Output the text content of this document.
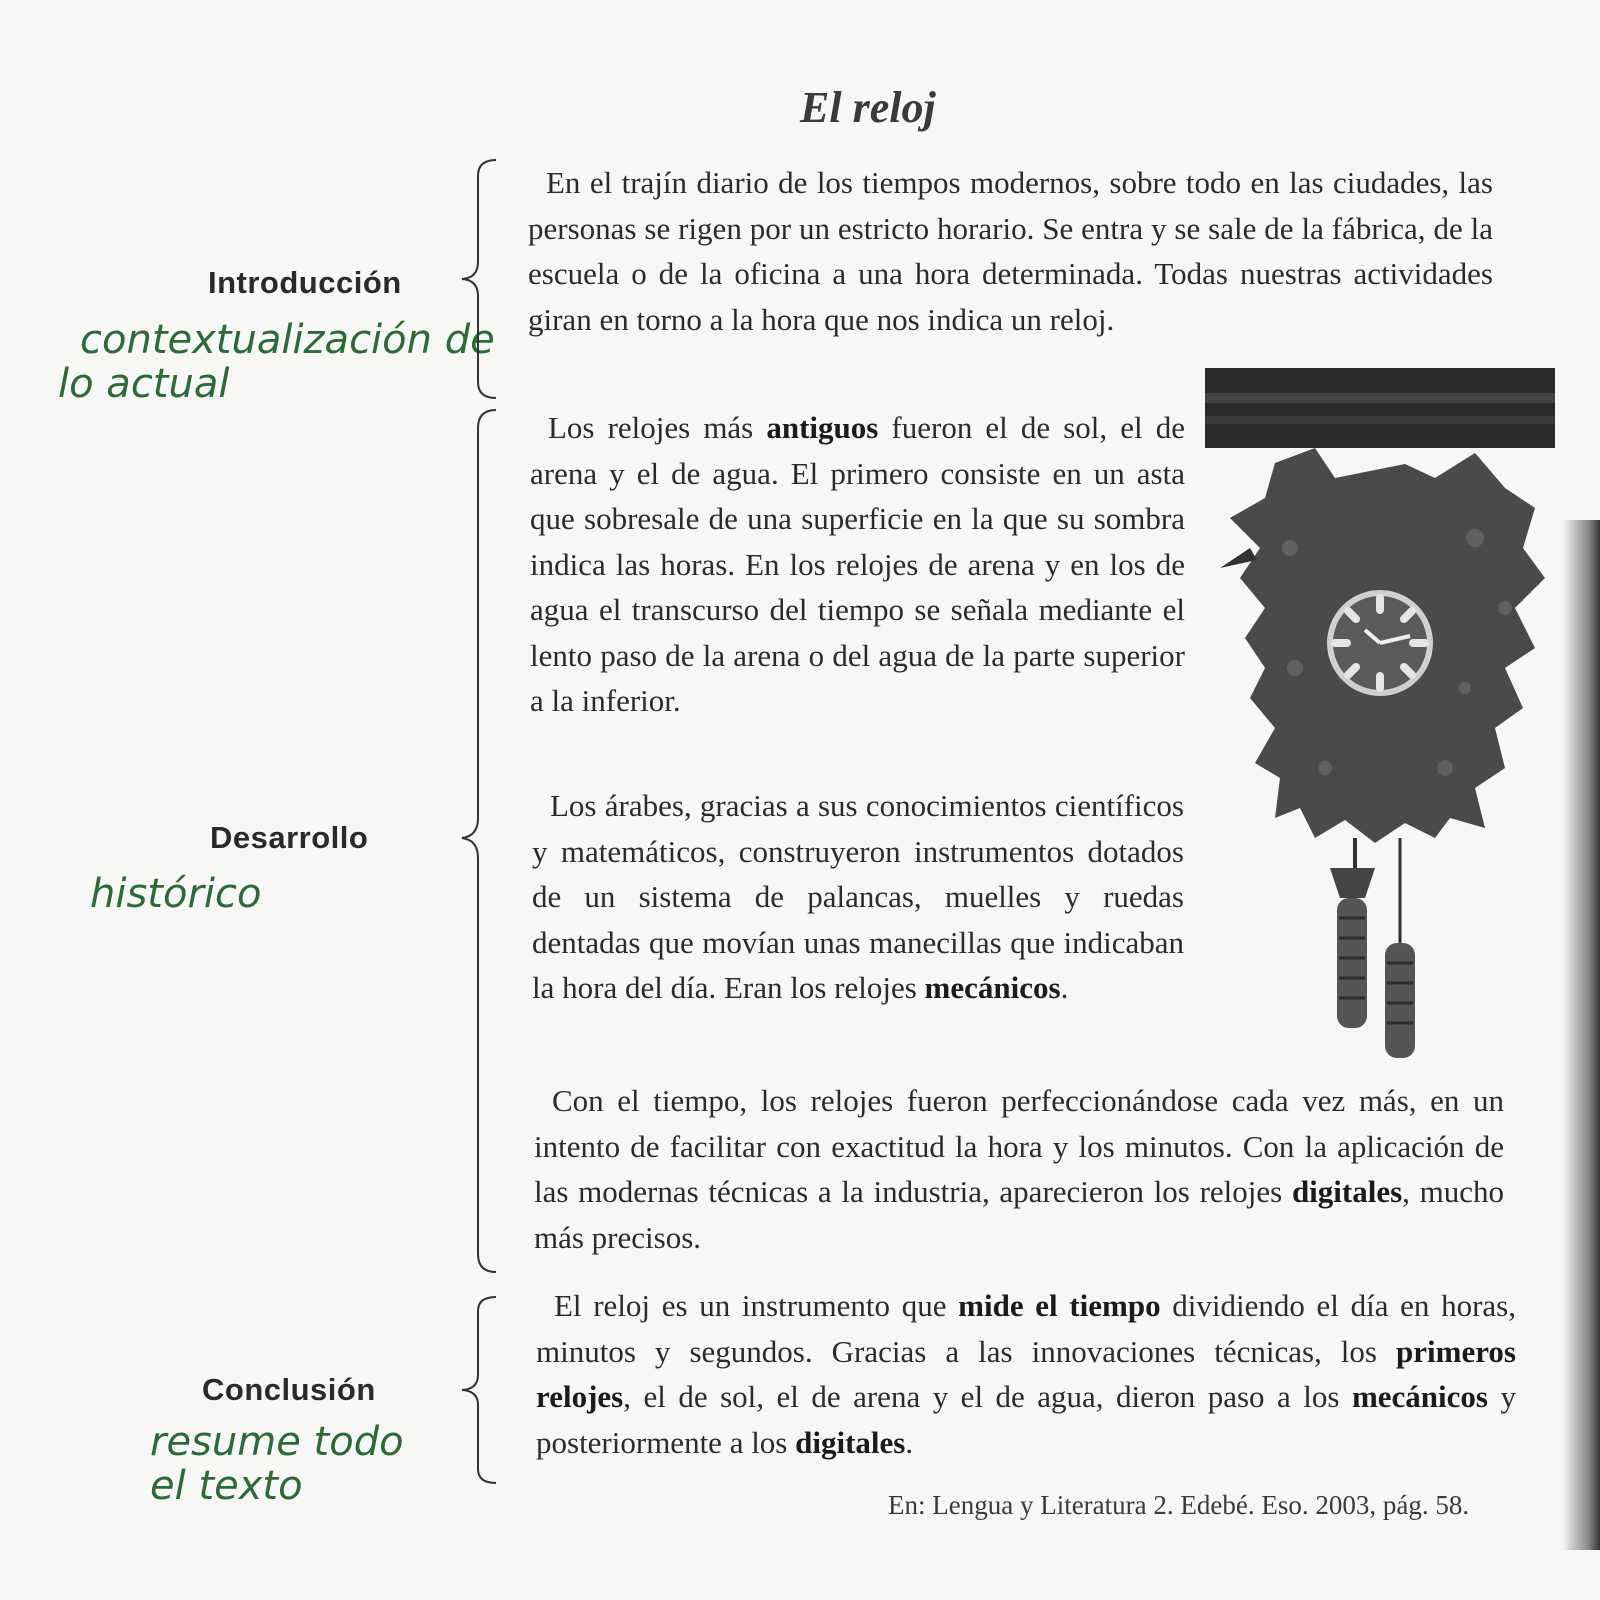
El reloj

En el trajín diario de los tiempos modernos, sobre todo en las ciudades, las personas se rigen por un estricto horario. Se entra y se sale de la fábrica, de la escuela o de la oficina a una hora determinada. Todas nuestras actividades giran en torno a la hora que nos indica un reloj.

Los relojes más antiguos fueron el de sol, el de arena y el de agua. El primero consiste en un asta que sobresale de una superficie en la que su sombra indica las horas. En los relojes de arena y en los de agua el transcurso del tiempo se señala mediante el lento paso de la arena o del agua de la parte superior a la inferior.

Los árabes, gracias a sus conocimientos científicos y matemáticos, construyeron instrumentos dotados de un sistema de palancas, muelles y ruedas dentadas que movían unas manecillas que indicaban la hora del día. Eran los relojes mecánicos.

Con el tiempo, los relojes fueron perfeccionándose cada vez más, en un intento de facilitar con exactitud la hora y los minutos. Con la aplicación de las modernas técnicas a la industria, aparecieron los relojes digitales, mucho más precisos.

El reloj es un instrumento que mide el tiempo dividiendo el día en horas, minutos y segundos. Gracias a las innovaciones técnicas, los primeros relojes, el de sol, el de arena y el de agua, dieron paso a los mecánicos y posteriormente a los digitales.

En: Lengua y Literatura 2. Edebé. Eso. 2003, pág. 58.
Introducción
Desarrollo
Conclusión
contextualización de
lo actual
histórico
resume todo
el texto
